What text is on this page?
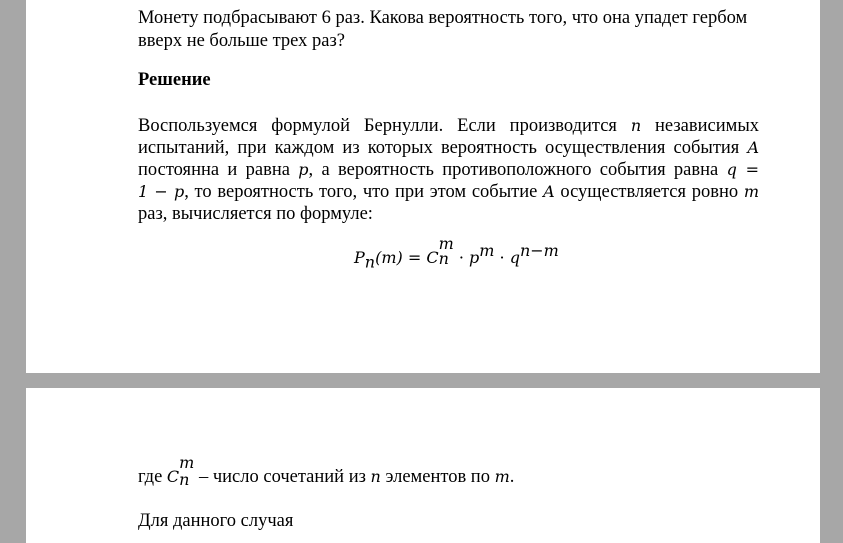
Монету подбрасывают 6 раз. Какова вероятность того, что она упадет гербом
вверх не больше трех раз?
Решение
Воспользуемся формулой Бернулли. Если производится n независимых
испытаний, при каждом из которых вероятность осуществления события A
постоянна и равна p, а вероятность противоположного события равна q =
1 − p, то вероятность того, что при этом событие A осуществляется ровно m
раз, вычисляется по формуле:
$P_n(m) = C^m$
$n \cdot p^m \cdot q^{n-m}$
где $C^m$
n – число сочетаний из n элементов по m.
Для данного случая
